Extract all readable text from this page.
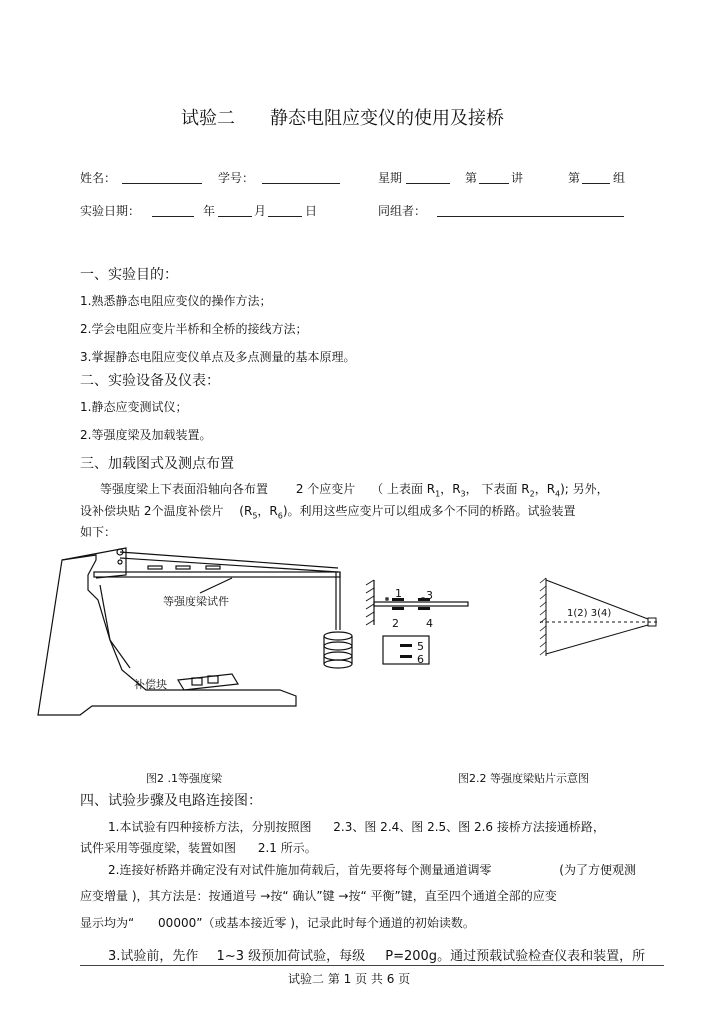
试验二 静态电阻应变仪的使用及接桥
姓名：	学号：	星期	第	讲	第	组
实验日期：	年	月	日	同组者：
一、实验目的：
1.熟悉静态电阻应变仪的操作方法；
2.学会电阻应变片半桥和全桥的接线方法；
3.掌握静态电阻应变仪单点及多点测量的基本原理。
二、实验设备及仪表：
1.静态应变测试仪；
2.等强度梁及加载装置。
三、加载图式及测点布置
等强度梁上下表面沿轴向各布置 2 个应变片 （ 上表面 $R_1$，$R_3$， 下表面 $R_2$，$R_4$); 另外，
设补偿块贴 2个温度补偿片 ($R_5$，$R_6$)。利用这些应变片可以组成多个不同的桥路。试验装置
如下：
等强度梁试件
补偿块
1 3
2 4
5
6
1(2) 3(4)
图2 .1等强度梁	图2.2 等强度梁贴片示意图
四、试验步骤及电路连接图：
1.本试验有四种接桥方法，分别按照图 2.3、图 2.4、图 2.5、图 2.6 接桥方法接通桥路，
试件采用等强度梁，装置如图 2.1 所示。
2.连接好桥路并确定没有对试件施加荷载后，首先要将每个测量通道调零	(为了方便观测
应变增量 )，其方法是：按通道号 →按“ 确认”键 →按“ 平衡”键，直至四个通道全部的应变
显示均为“ 00000”（或基本接近零 )，记录此时每个通道的初始读数。
3.试验前，先作 1~3 级预加荷试验，每级 P=200g。通过预载试验检查仪表和装置，所
试验二 第 1 页 共 6 页
